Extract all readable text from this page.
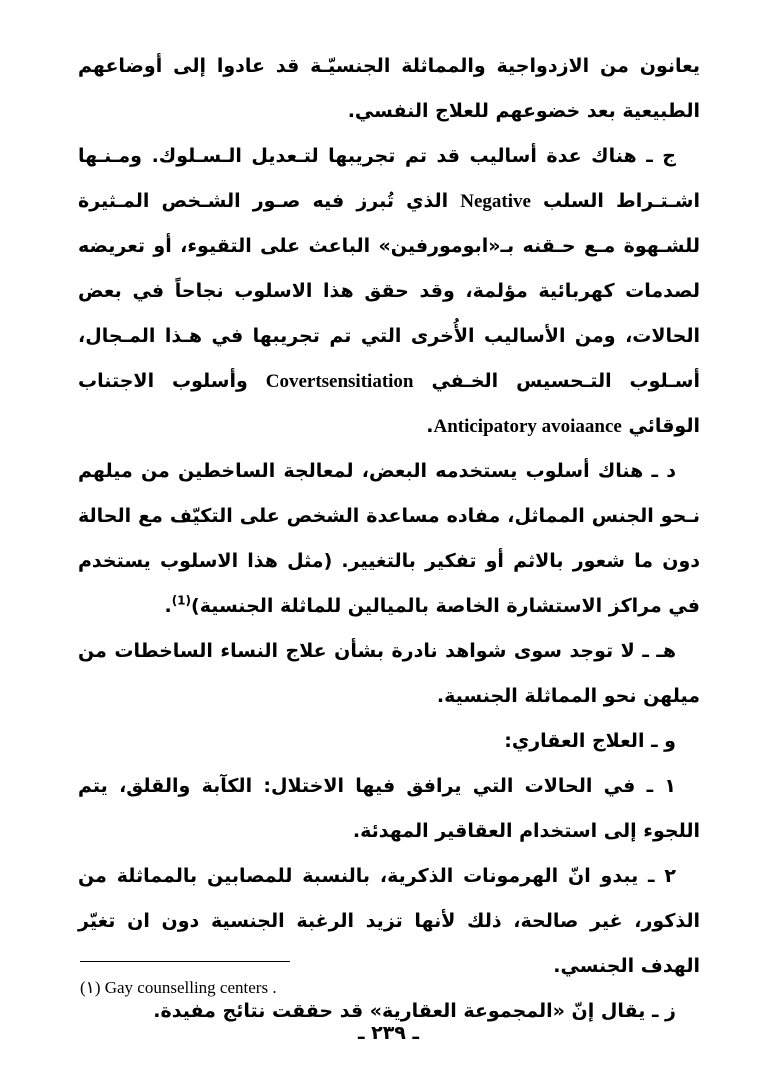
يعانون من الازدواجية والمماثلة الجنسيّـة قد عادوا إلى أوضاعهم الطبيعية بعد خضوعهم للعلاج النفسي.

ج ـ هناك عدة أساليب قد تم تجريبها لتـعديل الـسـلوك. ومـنـها اشـتـراط السلب Negative الذي تُبرز فيه صـور الشـخص المـثيرة للشـهوة مـع حـقنه بـ«ابومورفين» الباعث على التقيوء، أو تعريضه لصدمات كهربائية مؤلمة، وقد حقق هذا الاسلوب نجاحاً في بعض الحالات، ومن الأساليب الأُخرى التي تم تجريبها في هـذا المـجال، أسـلوب التـحسيس الخـفي Covertsensitiation وأسلوب الاجتناب الوقائي Anticipatory avoiaance.

د ـ هناك أسلوب يستخدمه البعض، لمعالجة الساخطين من ميلهم نـحو الجنس المماثل، مفاده مساعدة الشخص على التكيّف مع الحالة دون ما شعور بالاثم أو تفكير بالتغيير. (مثل هذا الاسلوب يستخدم في مراكز الاستشارة الخاصة بالميالين للماثلة الجنسية)$^{(1)}$.

هـ ـ لا توجد سوى شواهد نادرة بشأن علاج النساء الساخطات من ميلهن نحو المماثلة الجنسية.

و ـ العلاج العقاري:

١ ـ في الحالات التي يرافق فيها الاختلال: الكآبة والقلق، يتم اللجوء إلى استخدام العقاقير المهدئة.

٢ ـ يبدو انّ الهرمونات الذكرية، بالنسبة للمصابين بالمماثلة من الذكور، غير صالحة، ذلك لأنها تزيد الرغبة الجنسية دون ان تغيّر الهدف الجنسي.

ز ـ يقال إنّ «المجموعة العقارية» قد حققت نتائج مفيدة.

(١) Gay counselling centers .
ـ ٢٣٩ ـ
